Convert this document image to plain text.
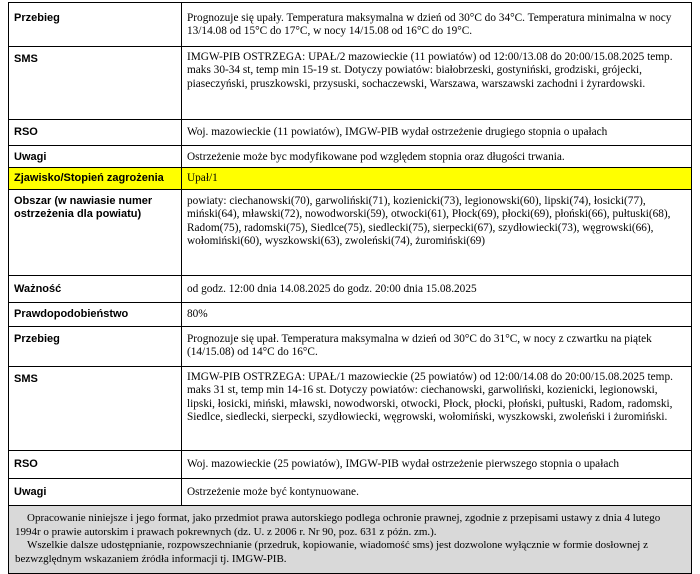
Przebieg	Prognozuje się upały. Temperatura maksymalna w dzień od 30°C do 34°C. Temperatura minimalna w nocy 13/14.08 od 15°C do 17°C, w nocy 14/15.08 od 16°C do 19°C.
SMS	IMGW-PIB OSTRZEGA: UPAŁ/2 mazowieckie (11 powiatów) od 12:00/13.08 do 20:00/15.08.2025 temp. maks 30-34 st, temp min 15-19 st. Dotyczy powiatów: białobrzeski, gostyniński, grodziski, grójecki, piaseczyński, pruszkowski, przysuski, sochaczewski, Warszawa, warszawski zachodni i żyrardowski.
RSO	Woj. mazowieckie (11 powiatów), IMGW-PIB wydał ostrzeżenie drugiego stopnia o upałach
Uwagi	Ostrzeżenie może byc modyfikowane pod względem stopnia oraz długości trwania.
Zjawisko/Stopień zagrożenia	Upał/1
Obszar (w nawiasie numer ostrzeżenia dla powiatu)	powiaty: ciechanowski(70), garwoliński(71), kozienicki(73), legionowski(60), lipski(74), łosicki(77), miński(64), mławski(72), nowodworski(59), otwocki(61), Płock(69), płocki(69), płoński(66), pułtuski(68), Radom(75), radomski(75), Siedlce(75), siedlecki(75), sierpecki(67), szydłowiecki(73), węgrowski(66), wołomiński(60), wyszkowski(63), zwoleński(74), żuromiński(69)
Ważność	od godz. 12:00 dnia 14.08.2025 do godz. 20:00 dnia 15.08.2025
Prawdopodobieństwo	80%
Przebieg	Prognozuje się upał. Temperatura maksymalna w dzień od 30°C do 31°C, w nocy z czwartku na piątek (14/15.08) od 14°C do 16°C.
SMS	IMGW-PIB OSTRZEGA: UPAŁ/1 mazowieckie (25 powiatów) od 12:00/14.08 do 20:00/15.08.2025 temp. maks 31 st, temp min 14-16 st. Dotyczy powiatów: ciechanowski, garwoliński, kozienicki, legionowski, lipski, łosicki, miński, mławski, nowodworski, otwocki, Płock, płocki, płoński, pułtuski, Radom, radomski, Siedlce, siedlecki, sierpecki, szydłowiecki, węgrowski, wołomiński, wyszkowski, zwoleński i żuromiński.
RSO	Woj. mazowieckie (25 powiatów), IMGW-PIB wydał ostrzeżenie pierwszego stopnia o upałach
Uwagi	Ostrzeżenie może być kontynuowane.

Opracowanie niniejsze i jego format, jako przedmiot prawa autorskiego podlega ochronie prawnej, zgodnie z przepisami ustawy z dnia 4 lutego 1994r o prawie autorskim i prawach pokrewnych (dz. U. z 2006 r. Nr 90, poz. 631 z późn. zm.).

Wszelkie dalsze udostępnianie, rozpowszechnianie (przedruk, kopiowanie, wiadomość sms) jest dozwolone wyłącznie w formie dosłownej z bezwzględnym wskazaniem źródła informacji tj. IMGW-PIB.
